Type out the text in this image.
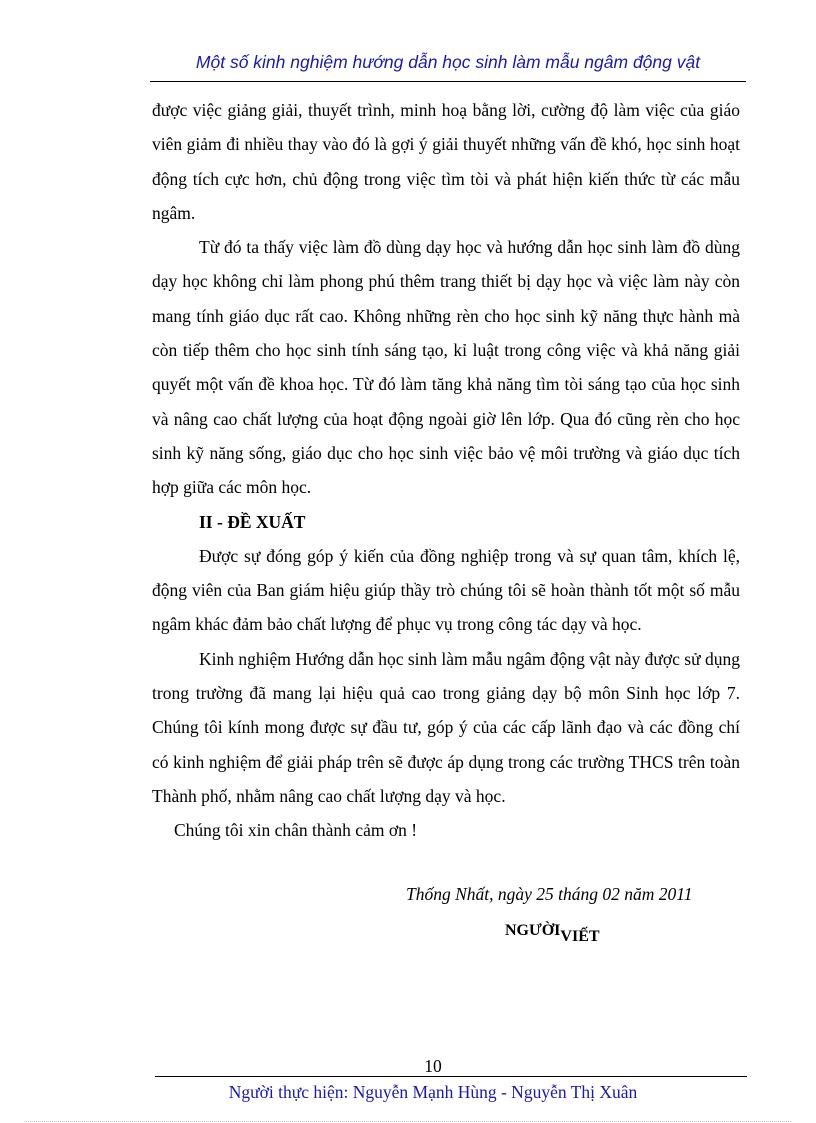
Một số kinh nghiệm hướng dẫn học sinh làm mẫu ngâm động vật

được việc giảng giải, thuyết trình, minh hoạ bằng lời, cường độ làm việc của giáo viên giảm đi nhiều thay vào đó là gợi ý giải thuyết những vấn đề khó, học sinh hoạt động tích cực hơn, chủ động trong việc tìm tòi và phát hiện kiến thức từ các mẫu ngâm.

Từ đó ta thấy việc làm đồ dùng dạy học và hướng dẫn học sinh làm đồ dùng dạy học không chỉ làm phong phú thêm trang thiết bị dạy học và việc làm này còn mang tính giáo dục rất cao. Không những rèn cho học sinh kỹ năng thực hành mà còn tiếp thêm cho học sinh tính sáng tạo, kỉ luật trong công việc và khả năng giải quyết một vấn đề khoa học. Từ đó làm tăng khả năng tìm tòi sáng tạo của học sinh và nâng cao chất lượng của hoạt động ngoài giờ lên lớp. Qua đó cũng rèn cho học sinh kỹ năng sống, giáo dục cho học sinh việc bảo vệ môi trường và giáo dục tích hợp giữa các môn học.

II - ĐỀ XUẤT

Được sự đóng góp ý kiến của đồng nghiệp trong và sự quan tâm, khích lệ, động viên của Ban giám hiệu giúp thầy trò chúng tôi sẽ hoàn thành tốt một số mẫu ngâm khác đảm bảo chất lượng để phục vụ trong công tác dạy và học.

Kinh nghiệm Hướng dẫn học sinh làm mẫu ngâm động vật này được sử dụng trong trường đã mang lại hiệu quả cao trong giảng dạy bộ môn Sinh học lớp 7. Chúng tôi kính mong được sự đầu tư, góp ý của các cấp lãnh đạo và các đồng chí có kinh nghiệm để giải pháp trên sẽ được áp dụng trong các trường THCS trên toàn Thành phố, nhằm nâng cao chất lượng dạy và học.

Chúng tôi xin chân thành cảm ơn !

Thống Nhất, ngày 25 tháng 02 năm 2011
NGƯỜIVIẾT
10
Người thực hiện: Nguyễn Mạnh Hùng - Nguyễn Thị Xuân
